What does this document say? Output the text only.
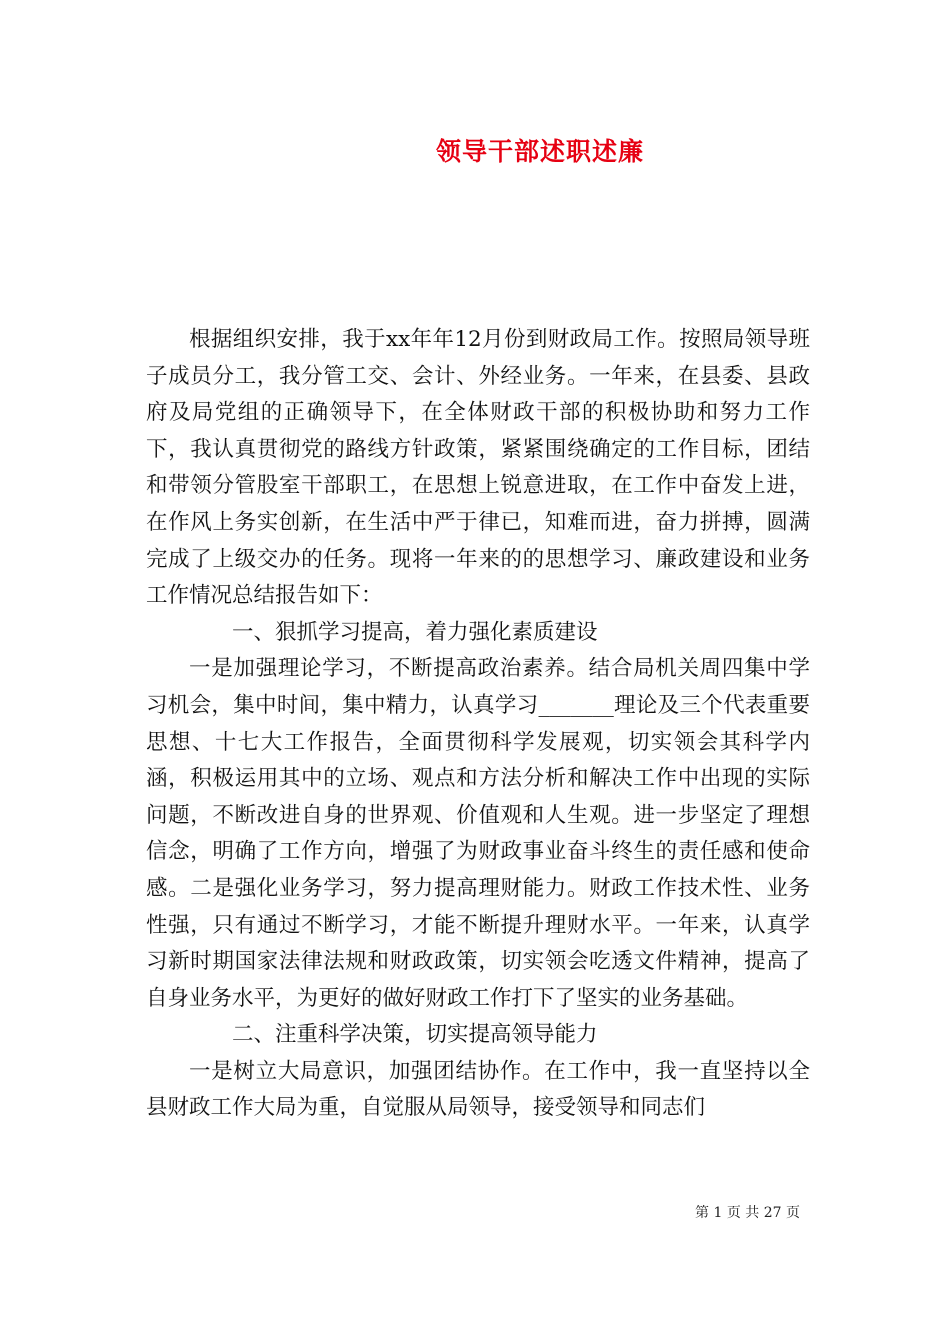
领导干部述职述廉

根据组织安排，我于xx年年12月份到财政局工作。按照局领导班子成员分工，我分管工交、会计、外经业务。一年来，在县委、县政府及局党组的正确领导下，在全体财政干部的积极协助和努力工作下，我认真贯彻党的路线方针政策，紧紧围绕确定的工作目标，团结和带领分管股室干部职工，在思想上锐意进取，在工作中奋发上进，在作风上务实创新，在生活中严于律已，知难而进，奋力拼搏，圆满完成了上级交办的任务。现将一年来的的思想学习、廉政建设和业务工作情况总结报告如下：

一、狠抓学习提高，着力强化素质建设

一是加强理论学习，不断提高政治素养。结合局机关周四集中学习机会，集中时间，集中精力，认真学习_______理论及三个代表重要思想、十七大工作报告，全面贯彻科学发展观，切实领会其科学内涵，积极运用其中的立场、观点和方法分析和解决工作中出现的实际问题，不断改进自身的世界观、价值观和人生观。进一步坚定了理想信念，明确了工作方向，增强了为财政事业奋斗终生的责任感和使命感。二是强化业务学习，努力提高理财能力。财政工作技术性、业务性强，只有通过不断学习，才能不断提升理财水平。一年来，认真学习新时期国家法律法规和财政政策，切实领会吃透文件精神，提高了自身业务水平，为更好的做好财政工作打下了坚实的业务基础。

二、注重科学决策，切实提高领导能力

一是树立大局意识，加强团结协作。在工作中，我一直坚持以全县财政工作大局为重，自觉服从局领导，接受领导和同志们

第 1 页 共 27 页
